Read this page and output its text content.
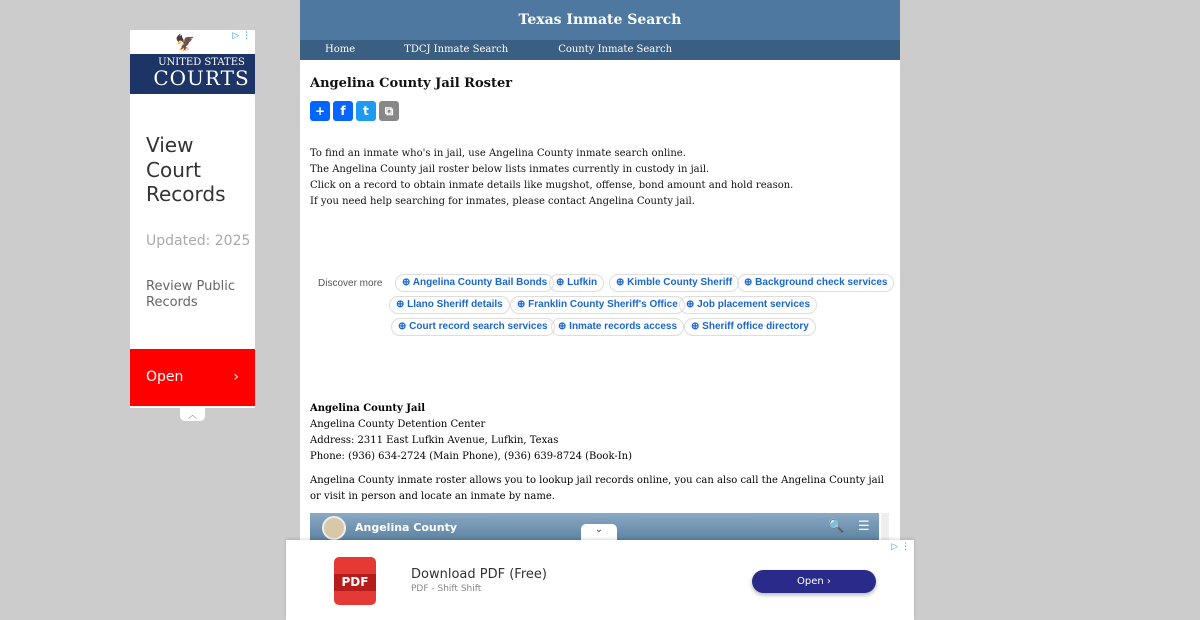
🦅
UNITED STATES
COURTS
▷ ⋮
View Court Records
Updated: 2025
Review Public Records
Open	›
︿
Texas Inmate Search
Home	TDCJ Inmate Search	County Inmate Search
Angelina County Jail Roster
+	f	t	⧉
To find an inmate who's in jail, use Angelina County inmate search online.
The Angelina County jail roster below lists inmates currently in custody in jail.
Click on a record to obtain inmate details like mugshot, offense, bond amount and hold reason.
If you need help searching for inmates, please contact Angelina County jail.
Discover more	⊕ Angelina County Bail Bonds ⊕ Lufkin	⊕ Kimble County Sheriff	⊕ Background check services
⊕ Llano Sheriff details	⊕ Franklin County Sheriff's Office ⊕ Job placement services
⊕ Court record search services	⊕ Inmate records access	⊕ Sheriff office directory
Angelina County Jail
Angelina County Detention Center
Address: 2311 East Lufkin Avenue, Lufkin, Texas
Phone: (936) 634-2724 (Main Phone), (936) 639-8724 (Book-In)
Angelina County inmate roster allows you to lookup jail records online, you can also call the Angelina County jail or visit in person and locate an inmate by name.
Angelina County	🔍 ☰
⌄
▷ ⋮
PDF	Download PDF (Free)
PDF - Shift Shift
Open ›
